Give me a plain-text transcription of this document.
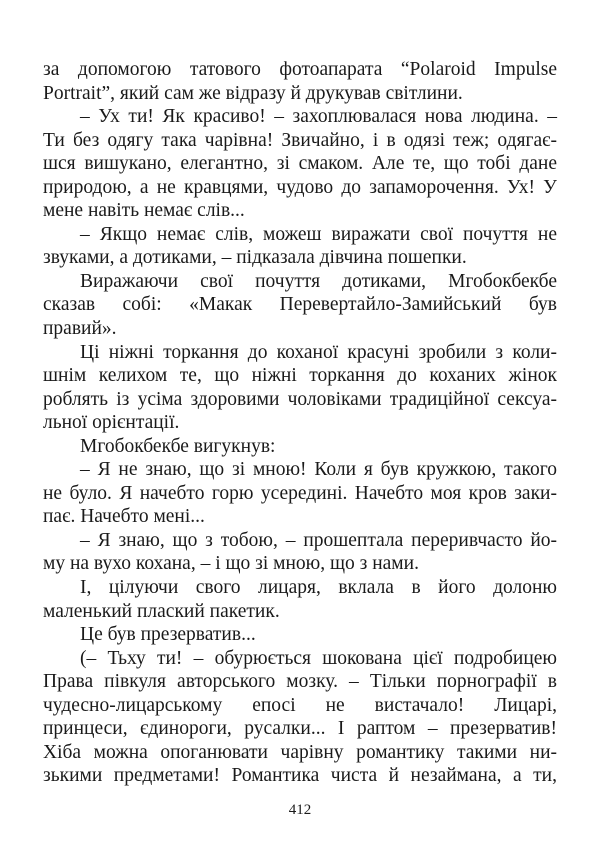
за допомогою татового фотоапарата “Polaroid Impulse
Portrait”, який сам же відразу й друкував світлини.
– Ух ти! Як красиво! – захоплювалася нова людина. –
Ти без одягу така чарівна! Звичайно, і в одязі теж; одягає-
шся вишукано, елегантно, зі смаком. Але те, що тобі дане
природою, а не кравцями, чудово до запаморочення. Ух! У
мене навіть немає слів...
– Якщо немає слів, можеш виражати свої почуття не
звуками, а дотиками, – підказала дівчина пошепки.
Виражаючи свої почуття дотиками, Мгобокбекбе
сказав собі: «Макак Перевертайло-Замийський був
правий».
Ці ніжні торкання до коханої красуні зробили з коли-
шнім келихом те, що ніжні торкання до коханих жінок
роблять із усіма здоровими чоловіками традиційної сексуа-
льної орієнтації.
Мгобокбекбе вигукнув:
– Я не знаю, що зі мною! Коли я був кружкою, такого
не було. Я начебто горю усередині. Начебто моя кров заки-
пає. Начебто мені...
– Я знаю, що з тобою, – прошептала переривчасто йо-
му на вухо кохана, – і що зі мною, що з нами.
І, цілуючи свого лицаря, вклала в його долоню
маленький плаский пакетик.
Це був презерватив...
(– Тьху ти! – обурюється шокована цієї подробицею
Права півкуля авторського мозку. – Тільки порнографії в
чудесно-лицарському епосі не вистачало! Лицарі,
принцеси, єдинороги, русалки... І раптом – презерватив!
Хіба можна опоганювати чарівну романтику такими ни-
зькими предметами! Романтика чиста й незаймана, а ти,
412
